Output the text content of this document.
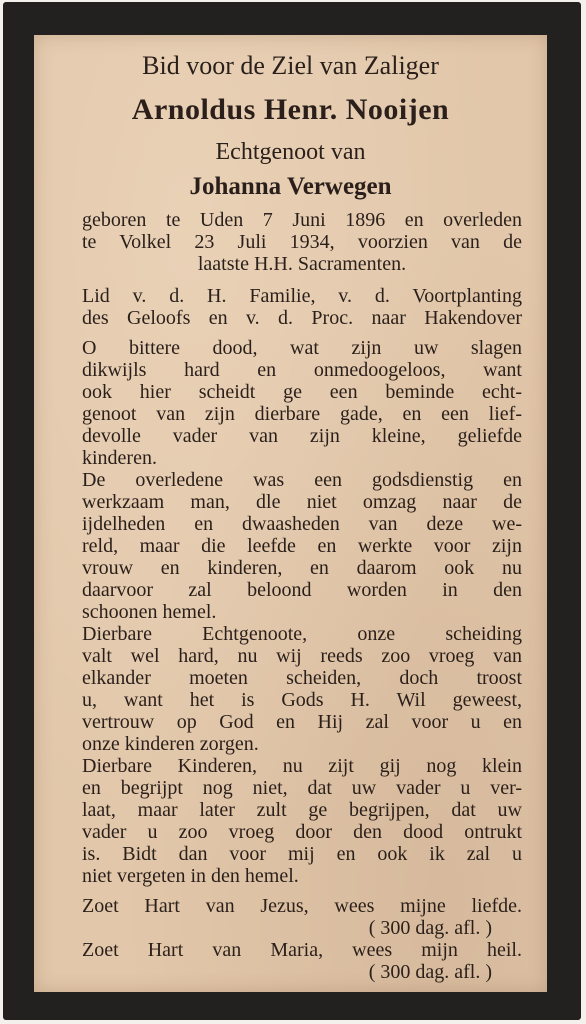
Bid voor de Ziel van Zaliger

Arnoldus Henr. Nooijen

Echtgenoot van

Johanna Verwegen

geboren te Uden 7 Juni 1896 en overleden

te Volkel 23 Juli 1934, voorzien van de

laatste H.H. Sacramenten.

Lid v. d. H. Familie, v. d. Voortplanting

des Geloofs en v. d. Proc. naar Hakendover

O bittere dood, wat zijn uw slagen

dikwijls hard en onmedoogeloos, want

ook hier scheidt ge een beminde echt-

genoot van zijn dierbare gade, en een lief-

devolle vader van zijn kleine, geliefde

kinderen.

De overledene was een godsdienstig en

werkzaam man, dle niet omzag naar de

ijdelheden en dwaasheden van deze we-

reld, maar die leefde en werkte voor zijn

vrouw en kinderen, en daarom ook nu

daarvoor zal beloond worden in den

schoonen hemel.

Dierbare Echtgenoote, onze scheiding

valt wel hard, nu wij reeds zoo vroeg van

elkander moeten scheiden, doch troost

u, want het is Gods H. Wil geweest,

vertrouw op God en Hij zal voor u en

onze kinderen zorgen.

Dierbare Kinderen, nu zijt gij nog klein

en begrijpt nog niet, dat uw vader u ver-

laat, maar later zult ge begrijpen, dat uw

vader u zoo vroeg door den dood ontrukt

is. Bidt dan voor mij en ook ik zal u

niet vergeten in den hemel.

Zoet Hart van Jezus, wees mijne liefde.

( 300 dag. afl. )

Zoet Hart van Maria, wees mijn heil.

( 300 dag. afl. )
